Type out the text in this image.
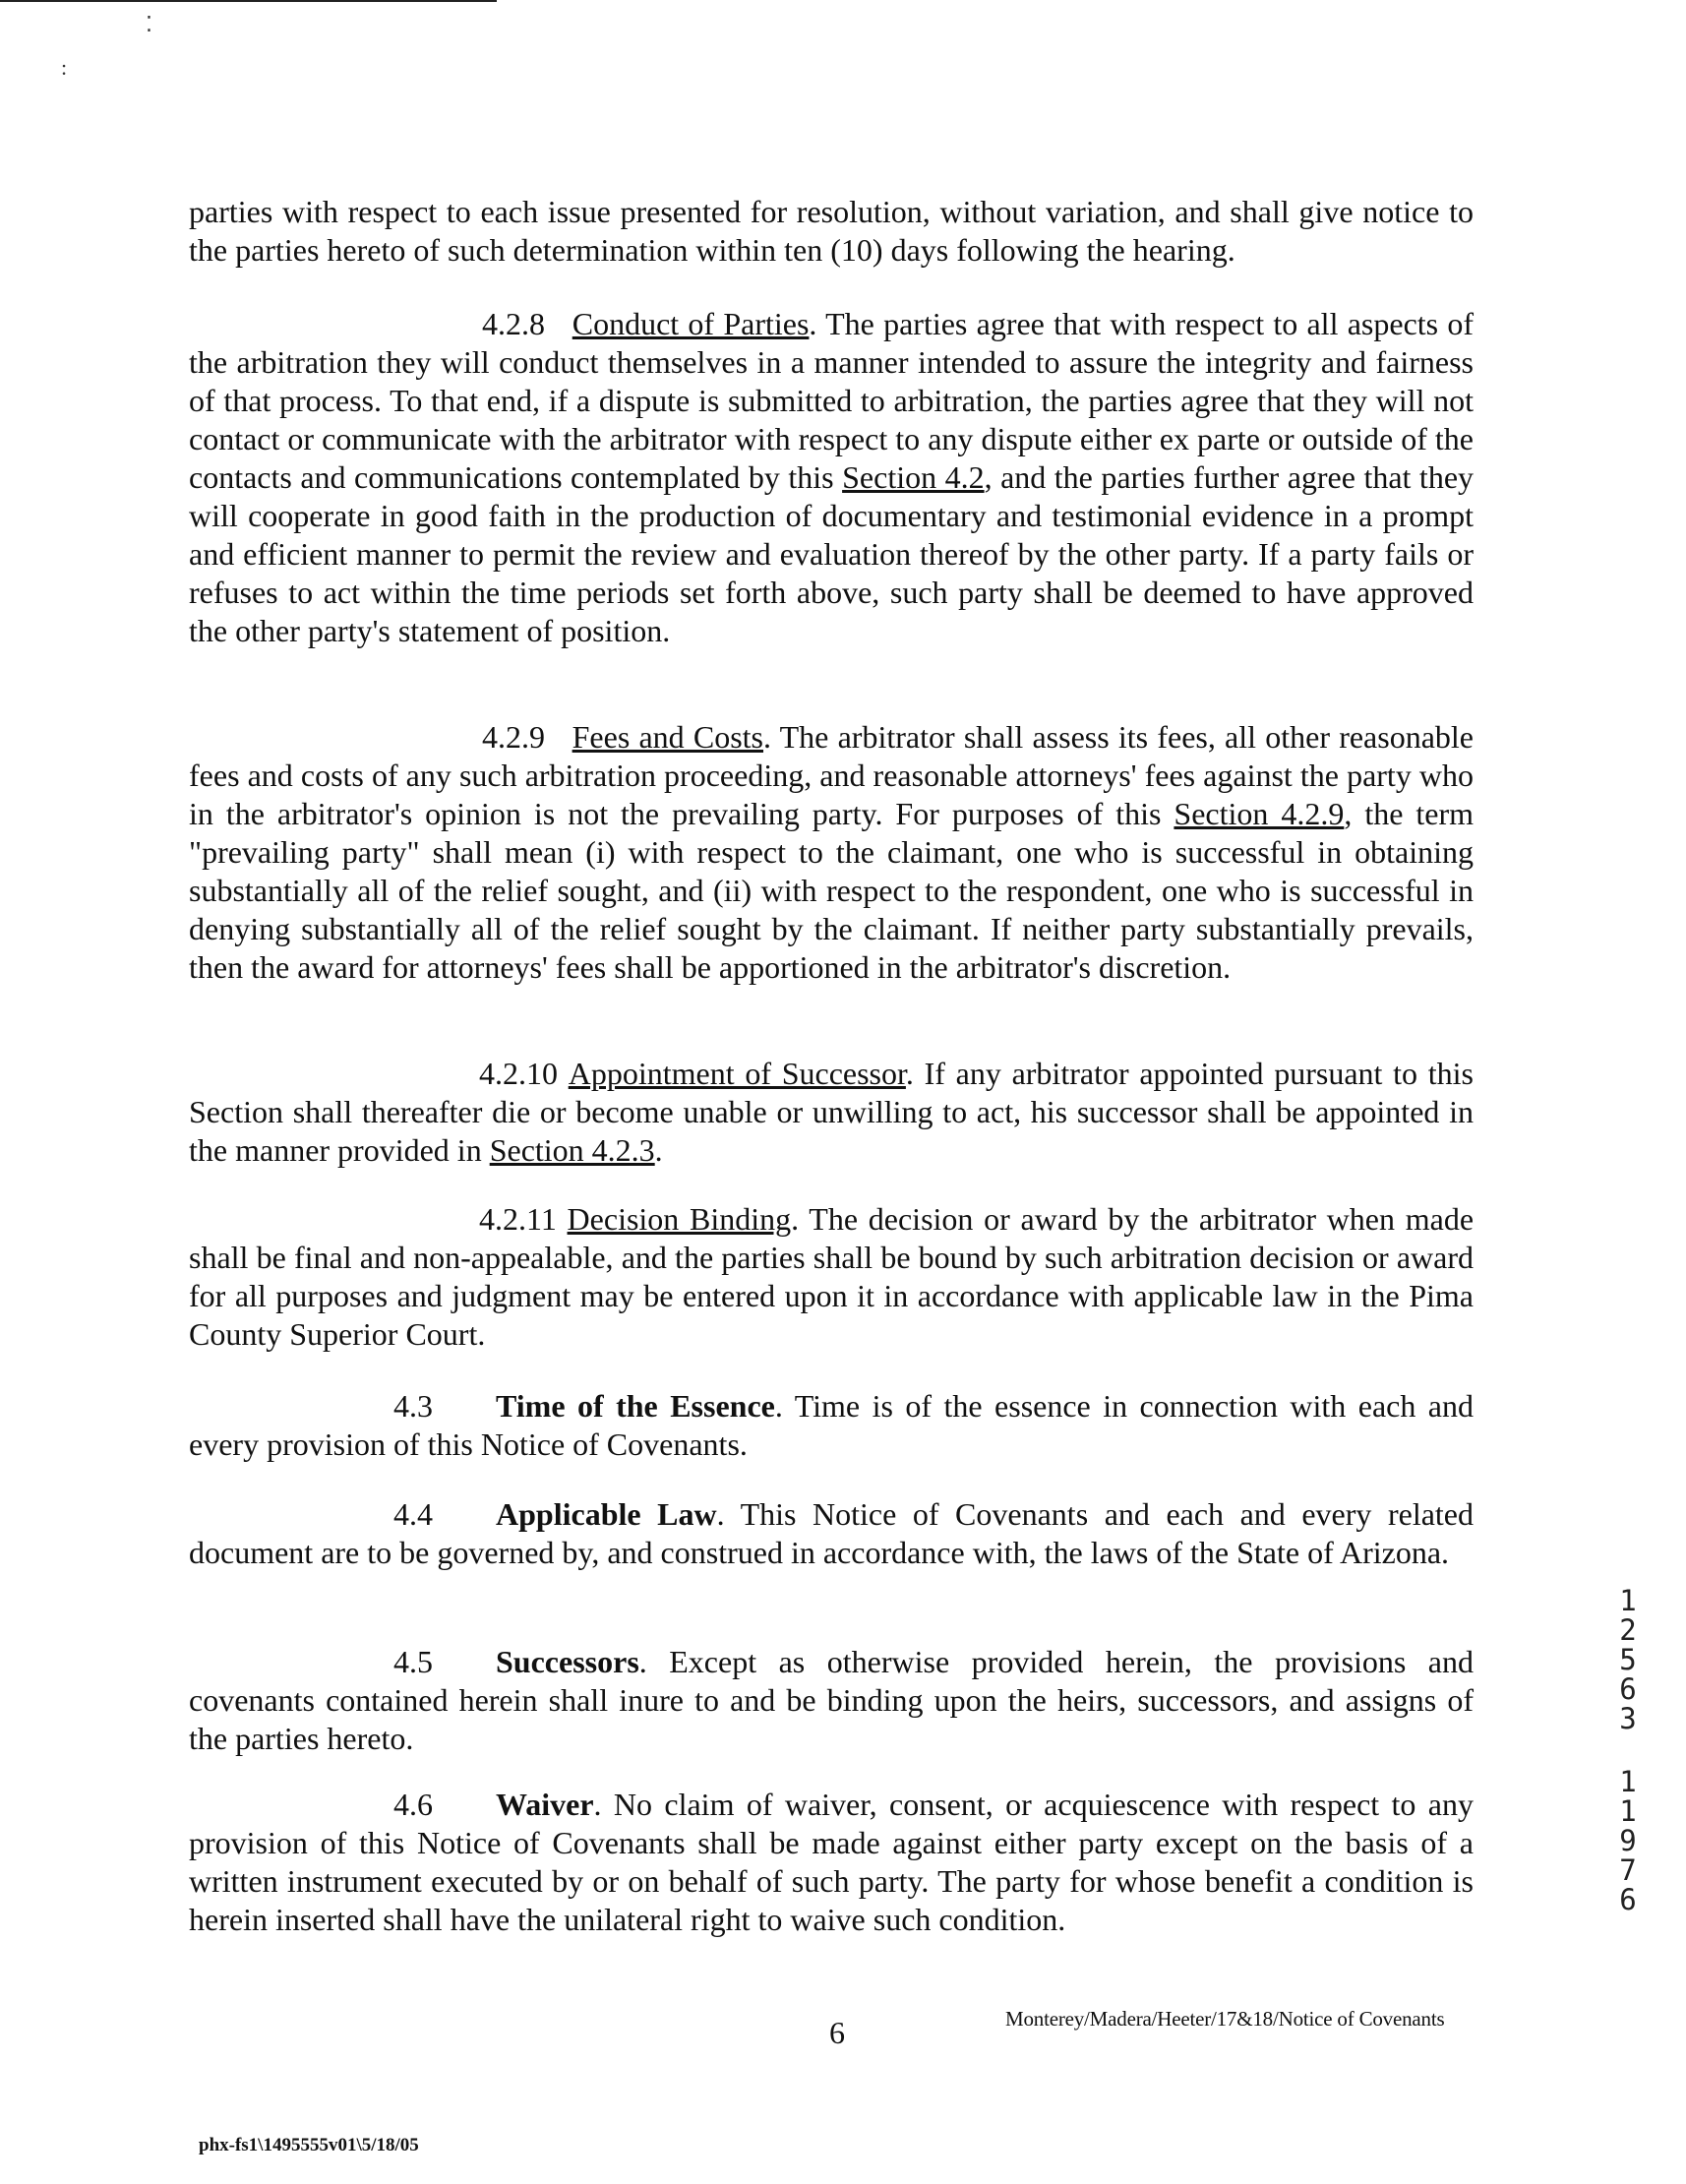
⁚
:

parties with respect to each issue presented for resolution, without variation, and shall give notice to the parties hereto of such determination within ten (10) days following the hearing.

4.2.8 Conduct of Parties. The parties agree that with respect to all aspects of the arbitration they will conduct themselves in a manner intended to assure the integrity and fairness of that process. To that end, if a dispute is submitted to arbitration, the parties agree that they will not contact or communicate with the arbitrator with respect to any dispute either ex parte or outside of the contacts and communications contemplated by this Section 4.2, and the parties further agree that they will cooperate in good faith in the production of documentary and testimonial evidence in a prompt and efficient manner to permit the review and evaluation thereof by the other party. If a party fails or refuses to act within the time periods set forth above, such party shall be deemed to have approved the other party's statement of position.

4.2.9 Fees and Costs. The arbitrator shall assess its fees, all other reasonable fees and costs of any such arbitration proceeding, and reasonable attorneys' fees against the party who in the arbitrator's opinion is not the prevailing party. For purposes of this Section 4.2.9, the term "prevailing party" shall mean (i) with respect to the claimant, one who is successful in obtaining substantially all of the relief sought, and (ii) with respect to the respondent, one who is successful in denying substantially all of the relief sought by the claimant. If neither party substantially prevails, then the award for attorneys' fees shall be apportioned in the arbitrator's discretion.

4.2.10 Appointment of Successor. If any arbitrator appointed pursuant to this Section shall thereafter die or become unable or unwilling to act, his successor shall be appointed in the manner provided in Section 4.2.3.

4.2.11 Decision Binding. The decision or award by the arbitrator when made shall be final and non-appealable, and the parties shall be bound by such arbitration decision or award for all purposes and judgment may be entered upon it in accordance with applicable law in the Pima County Superior Court.

4.3 Time of the Essence. Time is of the essence in connection with each and every provision of this Notice of Covenants.

4.4 Applicable Law. This Notice of Covenants and each and every related document are to be governed by, and construed in accordance with, the laws of the State of Arizona.

4.5 Successors. Except as otherwise provided herein, the provisions and covenants contained herein shall inure to and be binding upon the heirs, successors, and assigns of the parties hereto.

4.6 Waiver. No claim of waiver, consent, or acquiescence with respect to any provision of this Notice of Covenants shall be made against either party except on the basis of a written instrument executed by or on behalf of such party. The party for whose benefit a condition is herein inserted shall have the unilateral right to waive such condition.

1
2
5
6
3
1
1
9
7
6
6	Monterey/Madera/Heeter/17&18/Notice of Covenants
phx-fs1\1495555v01\5/18/05
